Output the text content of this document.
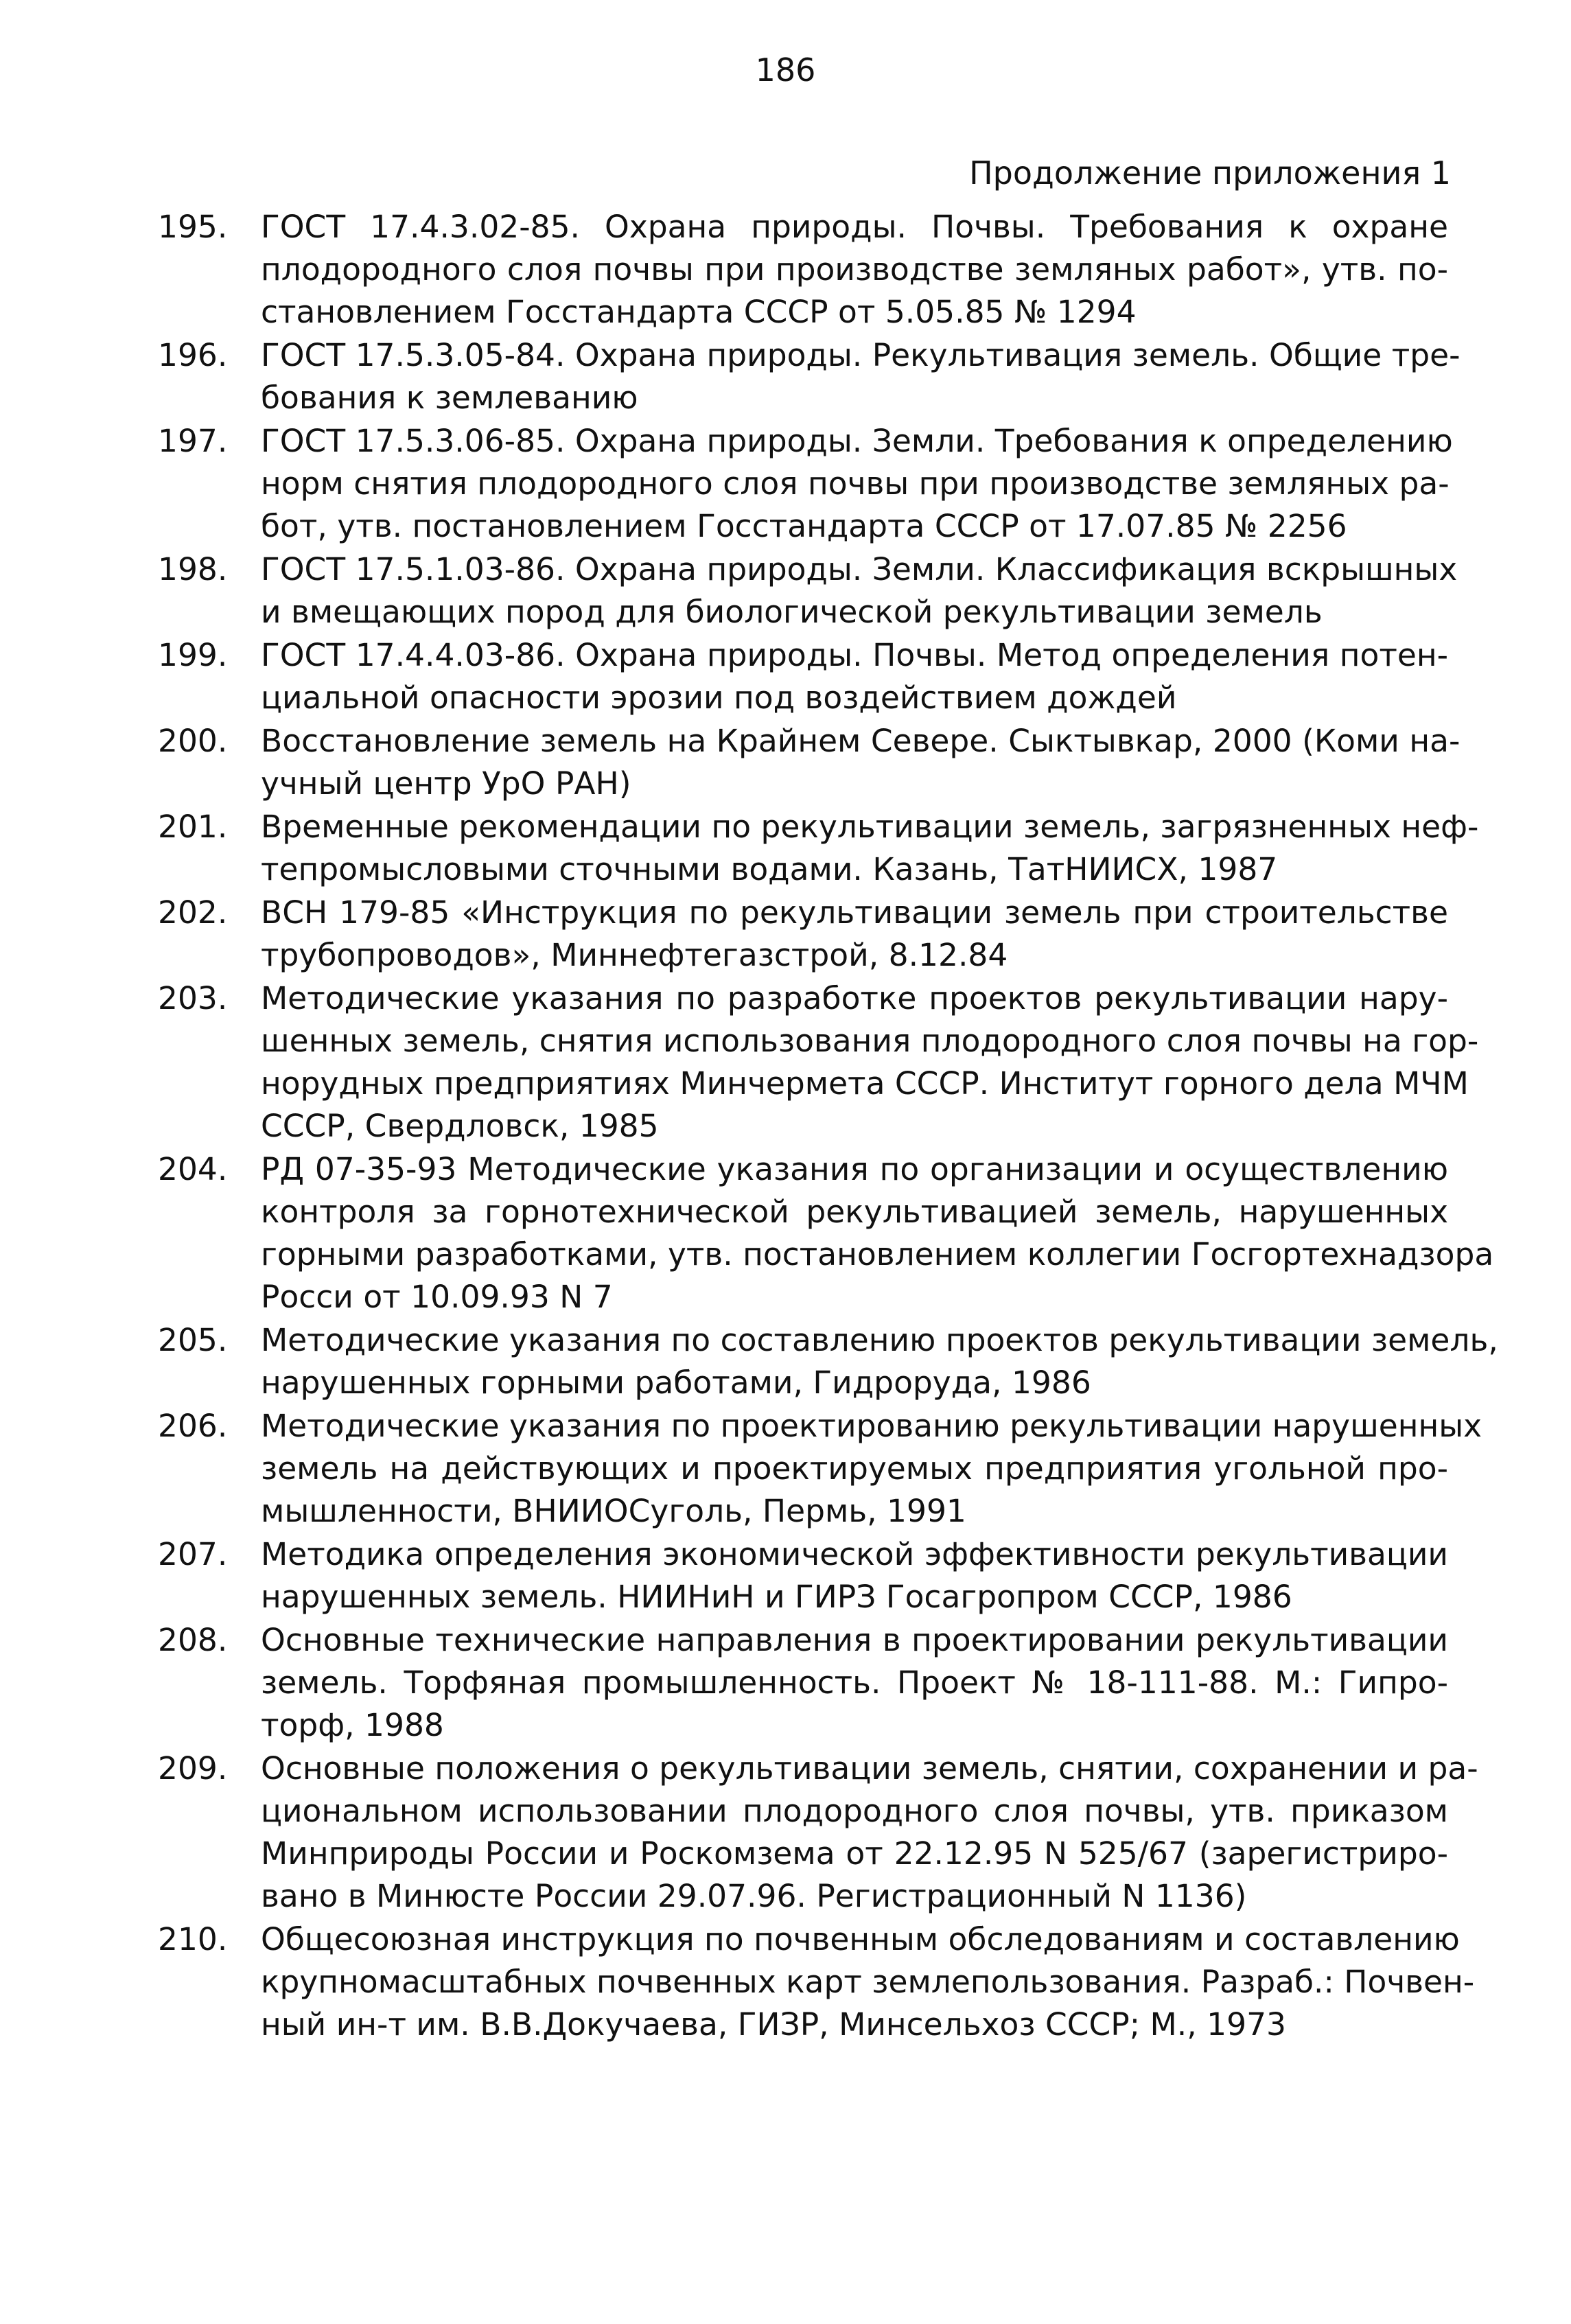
186
Продолжение приложения 1
195.	ГОСТ 17.4.3.02-85. Охрана природы. Почвы. Требования к охране
плодородного слоя почвы при производстве земляных работ», утв. по-
становлением Госстандарта СССР от 5.05.85 № 1294
196.	ГОСТ 17.5.3.05-84. Охрана природы. Рекультивация земель. Общие тре-
бования к землеванию
197.	ГОСТ 17.5.3.06-85. Охрана природы. Земли. Требования к определению
норм снятия плодородного слоя почвы при производстве земляных ра-
бот, утв. постановлением Госстандарта СССР от 17.07.85 № 2256
198.	ГОСТ 17.5.1.03-86. Охрана природы. Земли. Классификация вскрышных
и вмещающих пород для биологической рекультивации земель
199.	ГОСТ 17.4.4.03-86. Охрана природы. Почвы. Метод определения потен-
циальной опасности эрозии под воздействием дождей
200.	Восстановление земель на Крайнем Севере. Сыктывкар, 2000 (Коми на-
учный центр УрО РАН)
201.	Временные рекомендации по рекультивации земель, загрязненных неф-
тепромысловыми сточными водами. Казань, ТатНИИСХ, 1987
202.	ВСН 179-85 «Инструкция по рекультивации земель при строительстве
трубопроводов», Миннефтегазстрой, 8.12.84
203.	Методические указания по разработке проектов рекультивации нару-
шенных земель, снятия использования плодородного слоя почвы на гор-
норудных предприятиях Минчермета СССР. Институт горного дела МЧМ
СССР, Свердловск, 1985
204.	РД 07-35-93 Методические указания по организации и осуществлению
контроля за горнотехнической рекультивацией земель, нарушенных
горными разработками, утв. постановлением коллегии Госгортехнадзора
Росси от 10.09.93 N 7
205.	Методические указания по составлению проектов рекультивации земель,
нарушенных горными работами, Гидроруда, 1986
206.	Методические указания по проектированию рекультивации нарушенных
земель на действующих и проектируемых предприятия угольной про-
мышленности, ВНИИОСуголь, Пермь, 1991
207.	Методика определения экономической эффективности рекультивации
нарушенных земель. НИИНиН и ГИРЗ Госагропром СССР, 1986
208.	Основные технические направления в проектировании рекультивации
земель. Торфяная промышленность. Проект № 18-111-88. М.: Гипро-
торф, 1988
209.	Основные положения о рекультивации земель, снятии, сохранении и ра-
циональном использовании плодородного слоя почвы, утв. приказом
Минприроды России и Роскомзема от 22.12.95 N 525/67 (зарегистриро-
вано в Минюсте России 29.07.96. Регистрационный N 1136)
210.	Общесоюзная инструкция по почвенным обследованиям и составлению
крупномасштабных почвенных карт землепользования. Разраб.: Почвен-
ный ин-т им. В.В.Докучаева, ГИЗР, Минсельхоз СССР; М., 1973
